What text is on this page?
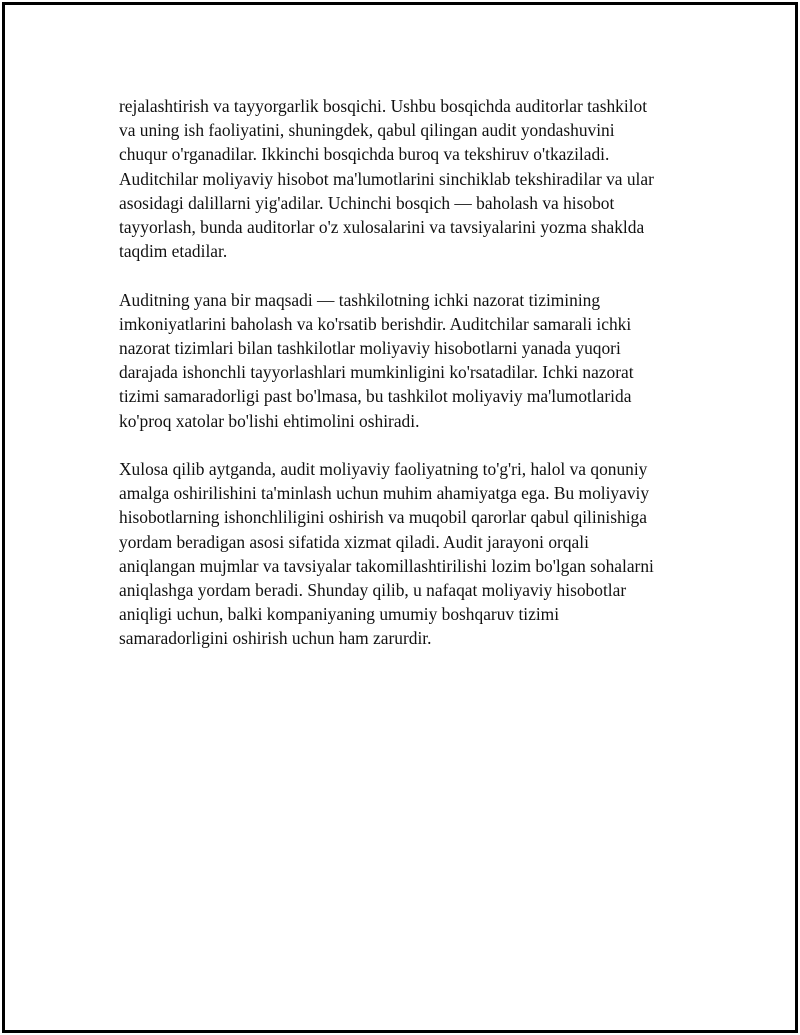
rejalashtirish va tayyorgarlik bosqichi. Ushbu bosqichda auditorlar tashkilot
va uning ish faoliyatini, shuningdek, qabul qilingan audit yondashuvini
chuqur o'rganadilar. Ikkinchi bosqichda buroq va tekshiruv o'tkaziladi.
Auditchilar moliyaviy hisobot ma'lumotlarini sinchiklab tekshiradilar va ular
asosidagi dalillarni yig'adilar. Uchinchi bosqich — baholash va hisobot
tayyorlash, bunda auditorlar o'z xulosalarini va tavsiyalarini yozma shaklda
taqdim etadilar.

Auditning yana bir maqsadi — tashkilotning ichki nazorat tizimining
imkoniyatlarini baholash va ko'rsatib berishdir. Auditchilar samarali ichki
nazorat tizimlari bilan tashkilotlar moliyaviy hisobotlarni yanada yuqori
darajada ishonchli tayyorlashlari mumkinligini ko'rsatadilar. Ichki nazorat
tizimi samaradorligi past bo'lmasa, bu tashkilot moliyaviy ma'lumotlarida
ko'proq xatolar bo'lishi ehtimolini oshiradi.

Xulosa qilib aytganda, audit moliyaviy faoliyatning to'g'ri, halol va qonuniy
amalga oshirilishini ta'minlash uchun muhim ahamiyatga ega. Bu moliyaviy
hisobotlarning ishonchliligini oshirish va muqobil qarorlar qabul qilinishiga
yordam beradigan asosi sifatida xizmat qiladi. Audit jarayoni orqali
aniqlangan mujmlar va tavsiyalar takomillashtirilishi lozim bo'lgan sohalarni
aniqlashga yordam beradi. Shunday qilib, u nafaqat moliyaviy hisobotlar
aniqligi uchun, balki kompaniyaning umumiy boshqaruv tizimi
samaradorligini oshirish uchun ham zarurdir.
